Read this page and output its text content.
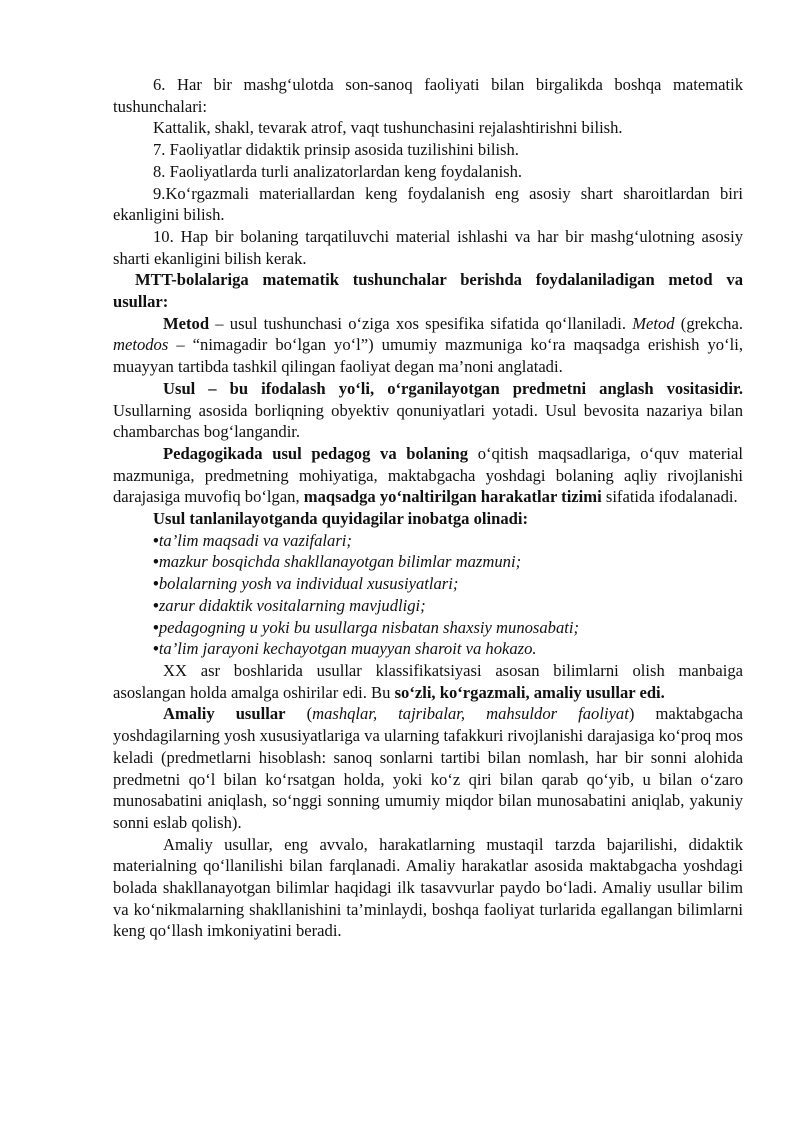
6. Har bir mashg‘ulotda son-sanoq faoliyati bilan birgalikda boshqa matematik tushunchalari:

Kattalik, shakl, tevarak atrof, vaqt tushunchasini rejalashtirishni bilish.

7. Faoliyatlar didaktik prinsip asosida tuzilishini bilish.

8. Faoliyatlarda turli analizatorlardan keng foydalanish.

9.Ko‘rgazmali materiallardan keng foydalanish eng asosiy shart sharoitlardan biri ekanligini bilish.

10. Hap bir bolaning tarqatiluvchi material ishlashi va har bir mashg‘ulotning asosiy sharti ekanligini bilish kerak.

MTT-bolalariga matematik tushunchalar berishda foydalaniladigan metod va usullar:

Metod – usul tushunchasi o‘ziga xos spesifika sifatida qo‘llaniladi. Metod (grekcha. metodos – “nimagadir bo‘lgan yo‘l”) umumiy mazmuniga ko‘ra maqsadga erishish yo‘li, muayyan tartibda tashkil qilingan faoliyat degan ma’noni anglatadi.

Usul – bu ifodalash yo‘li, o‘rganilayotgan predmetni anglash vositasidir. Usullarning asosida borliqning obyektiv qonuniyatlari yotadi. Usul bevosita nazariya bilan chambarchas bog‘langandir.

Pedagogikada usul pedagog va bolaning o‘qitish maqsadlariga, o‘quv material mazmuniga, predmetning mohiyatiga, maktabgacha yoshdagi bolaning aqliy rivojlanishi darajasiga muvofiq bo‘lgan, maqsadga yo‘naltirilgan harakatlar tizimi sifatida ifodalanadi.

Usul tanlanilayotganda quyidagilar inobatga olinadi:

•ta’lim maqsadi va vazifalari;

•mazkur bosqichda shakllanayotgan bilimlar mazmuni;

•bolalarning yosh va individual xususiyatlari;

•zarur didaktik vositalarning mavjudligi;

•pedagogning u yoki bu usullarga nisbatan shaxsiy munosabati;

•ta’lim jarayoni kechayotgan muayyan sharoit va hokazo.

XX asr boshlarida usullar klassifikatsiyasi asosan bilimlarni olish manbaiga asoslangan holda amalga oshirilar edi. Bu so‘zli, ko‘rgazmali, amaliy usullar edi.

Amaliy usullar (mashqlar, tajribalar, mahsuldor faoliyat) maktabgacha yoshdagilarning yosh xususiyatlariga va ularning tafakkuri rivojlanishi darajasiga ko‘proq mos keladi (predmetlarni hisoblash: sanoq sonlarni tartibi bilan nomlash, har bir sonni alohida predmetni qo‘l bilan ko‘rsatgan holda, yoki ko‘z qiri bilan qarab qo‘yib, u bilan o‘zaro munosabatini aniqlash, so‘nggi sonning umumiy miqdor bilan munosabatini aniqlab, yakuniy sonni eslab qolish).

Amaliy usullar, eng avvalo, harakatlarning mustaqil tarzda bajarilishi, didaktik materialning qo‘llanilishi bilan farqlanadi. Amaliy harakatlar asosida maktabgacha yoshdagi bolada shakllanayotgan bilimlar haqidagi ilk tasavvurlar paydo bo‘ladi. Amaliy usullar bilim va ko‘nikmalarning shakllanishini ta’minlaydi, boshqa faoliyat turlarida egallangan bilimlarni keng qo‘llash imkoniyatini beradi.
